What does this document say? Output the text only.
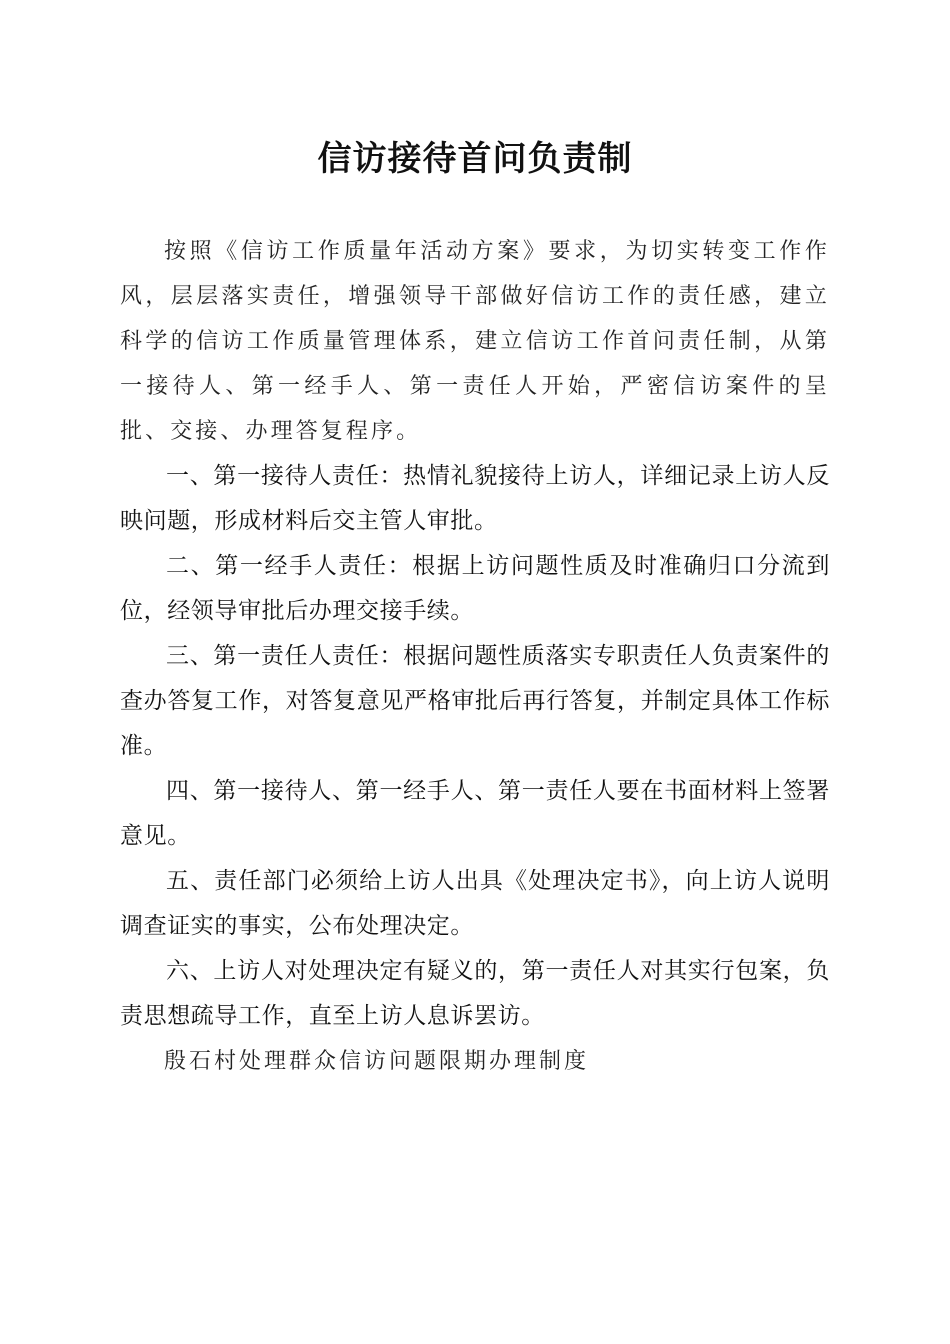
信访接待首问负责制

按照《信访工作质量年活动方案》要求，为切实转变工作作风，层层落实责任，增强领导干部做好信访工作的责任感，建立科学的信访工作质量管理体系，建立信访工作首问责任制，从第一接待人、第一经手人、第一责任人开始，严密信访案件的呈批、交接、办理答复程序。

一、第一接待人责任：热情礼貌接待上访人，详细记录上访人反映问题，形成材料后交主管人审批。

二、第一经手人责任：根据上访问题性质及时准确归口分流到位，经领导审批后办理交接手续。

三、第一责任人责任：根据问题性质落实专职责任人负责案件的查办答复工作，对答复意见严格审批后再行答复，并制定具体工作标准。

四、第一接待人、第一经手人、第一责任人要在书面材料上签署意见。

五、责任部门必须给上访人出具《处理决定书》，向上访人说明调查证实的事实，公布处理决定。

六、上访人对处理决定有疑义的，第一责任人对其实行包案，负责思想疏导工作，直至上访人息诉罢访。

殷石村处理群众信访问题限期办理制度
